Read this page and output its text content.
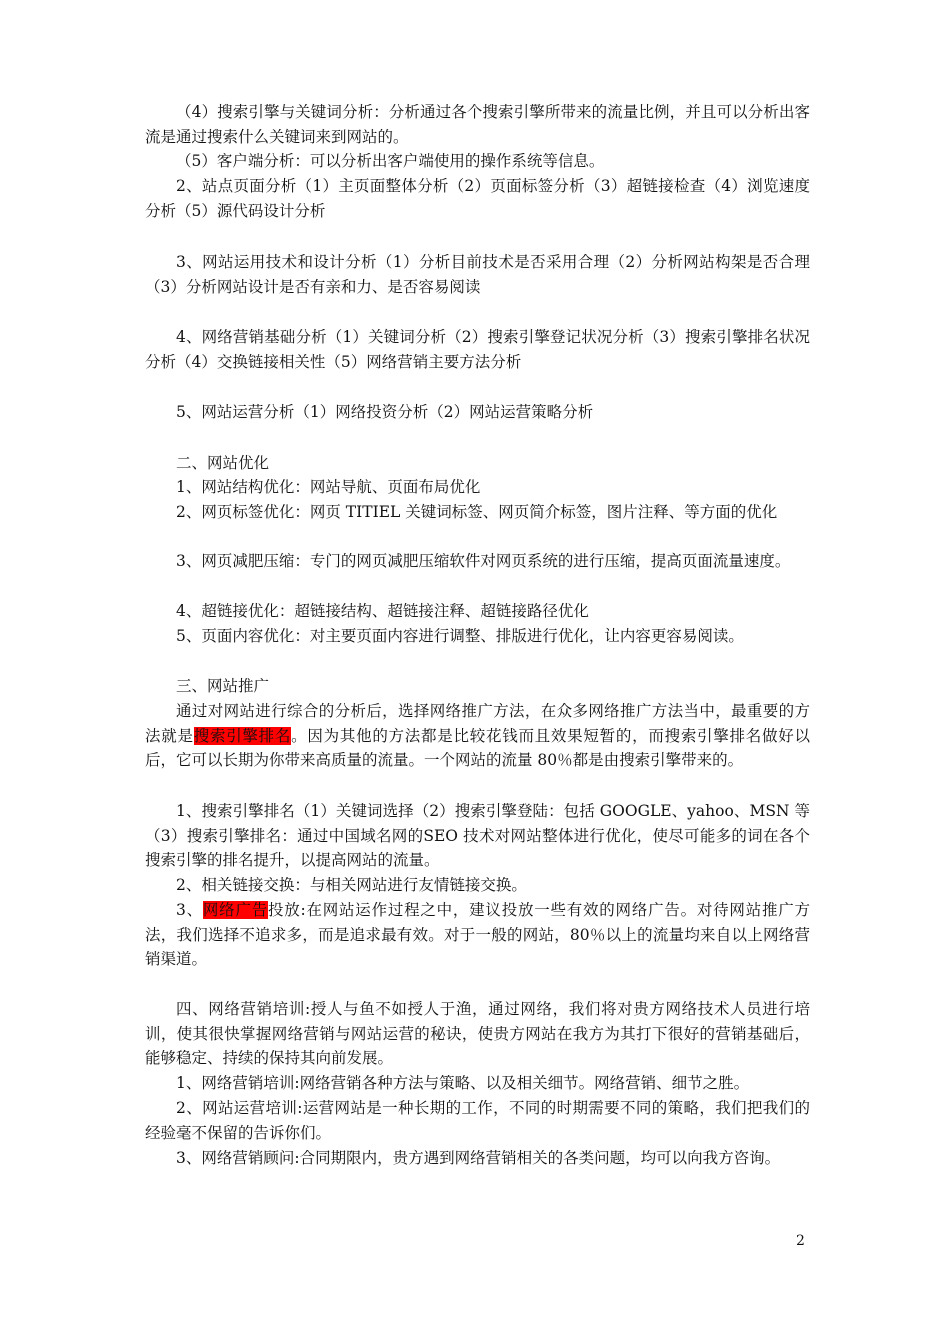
（4）搜索引擎与关键词分析：分析通过各个搜索引擎所带来的流量比例，并且可以分析出客流是通过搜索什么关键词来到网站的。

（5）客户端分析：可以分析出客户端使用的操作系统等信息。

2、站点页面分析（1）主页面整体分析（2）页面标签分析（3）超链接检查（4）浏览速度分析（5）源代码设计分析

3、网站运用技术和设计分析（1）分析目前技术是否采用合理（2）分析网站构架是否合理（3）分析网站设计是否有亲和力、是否容易阅读

4、网络营销基础分析（1）关键词分析（2）搜索引擎登记状况分析（3）搜索引擎排名状况分析（4）交换链接相关性（5）网络营销主要方法分析

5、网站运营分析（1）网络投资分析（2）网站运营策略分析

二、网站优化

1、网站结构优化：网站导航、页面布局优化

2、网页标签优化：网页 TITIEL 关键词标签、网页简介标签，图片注释、等方面的优化

3、网页减肥压缩：专门的网页减肥压缩软件对网页系统的进行压缩，提高页面流量速度。

4、超链接优化：超链接结构、超链接注释、超链接路径优化

5、页面内容优化：对主要页面内容进行调整、排版进行优化，让内容更容易阅读。

三、网站推广

通过对网站进行综合的分析后，选择网络推广方法，在众多网络推广方法当中，最重要的方法就是搜索引擎排名。因为其他的方法都是比较花钱而且效果短暂的，而搜索引擎排名做好以后，它可以长期为你带来高质量的流量。一个网站的流量 80％都是由搜索引擎带来的。

1、搜索引擎排名（1）关键词选择（2）搜索引擎登陆：包括 GOOGLE、yahoo、MSN 等（3）搜索引擎排名：通过中国域名网的SEO 技术对网站整体进行优化，使尽可能多的词在各个搜索引擎的排名提升，以提高网站的流量。

2、相关链接交换：与相关网站进行友情链接交换。

3、网络广告投放:在网站运作过程之中，建议投放一些有效的网络广告。对待网站推广方法，我们选择不追求多，而是追求最有效。对于一般的网站，80％以上的流量均来自以上网络营销渠道。

四、网络营销培训:授人与鱼不如授人于渔，通过网络，我们将对贵方网络技术人员进行培训，使其很快掌握网络营销与网站运营的秘诀，使贵方网站在我方为其打下很好的营销基础后，能够稳定、持续的保持其向前发展。

1、网络营销培训:网络营销各种方法与策略、以及相关细节。网络营销、细节之胜。

2、网站运营培训:运营网站是一种长期的工作，不同的时期需要不同的策略，我们把我们的经验毫不保留的告诉你们。

3、网络营销顾问:合同期限内，贵方遇到网络营销相关的各类问题，均可以向我方咨询。

2
